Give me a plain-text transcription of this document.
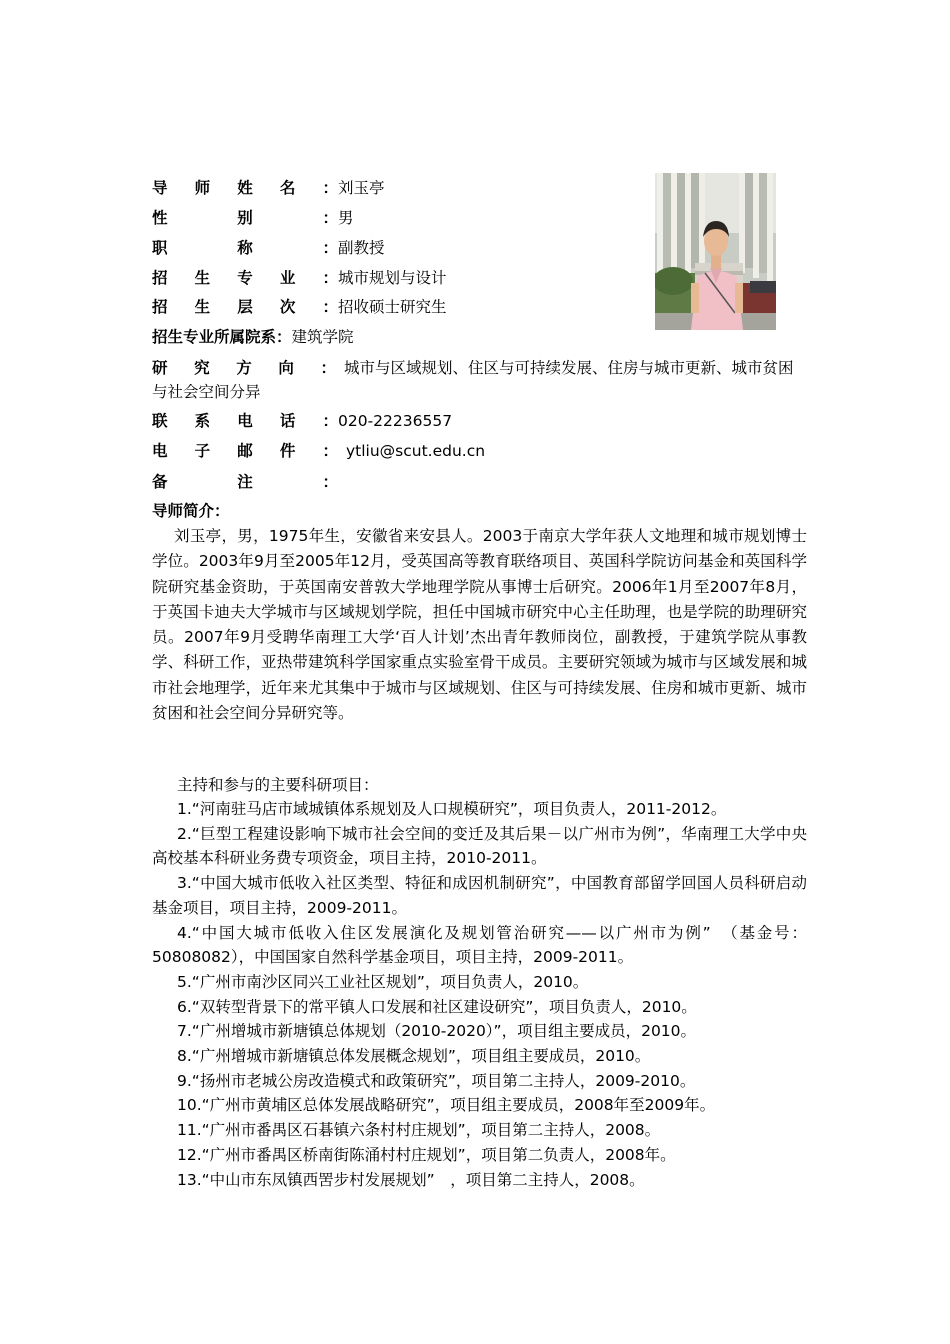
导师姓名：刘玉亭
性别：男
职称：副教授
招生专业：城市规划与设计
招生层次：招收硕士研究生
招生专业所属院系：建筑学院
研究方向： 城市与区域规划、住区与可持续发展、住房与城市更新、城市贫困与社会空间分异
联系电话：020-22236557
电子邮件： ytliu@scut.edu.cn
备注：
导师简介：
刘玉亭，男，1975年生，安徽省来安县人。2003于南京大学年获人文地理和城市规划博士学位。2003年9月至2005年12月，受英国高等教育联络项目、英国科学院访问基金和英国科学院研究基金资助，于英国南安普敦大学地理学院从事博士后研究。2006年1月至2007年8月，于英国卡迪夫大学城市与区域规划学院，担任中国城市研究中心主任助理，也是学院的助理研究员。2007年9月受聘华南理工大学‘百人计划’杰出青年教师岗位，副教授，于建筑学院从事教学、科研工作，亚热带建筑科学国家重点实验室骨干成员。主要研究领域为城市与区域发展和城市社会地理学，近年来尤其集中于城市与区域规划、住区与可持续发展、住房和城市更新、城市贫困和社会空间分异研究等。
主持和参与的主要科研项目：

1.“河南驻马店市域城镇体系规划及人口规模研究”，项目负责人，2011-2012。

2.“巨型工程建设影响下城市社会空间的变迁及其后果－以广州市为例”，华南理工大学中央高校基本科研业务费专项资金，项目主持，2010-2011。

3.“中国大城市低收入社区类型、特征和成因机制研究”，中国教育部留学回国人员科研启动基金项目，项目主持，2009-2011。

4.“中国大城市低收入住区发展演化及规划管治研究——以广州市为例”　（基金号：50808082），中国国家自然科学基金项目，项目主持，2009-2011。

5.“广州市南沙区同兴工业社区规划”，项目负责人，2010。

6.“双转型背景下的常平镇人口发展和社区建设研究”，项目负责人，2010。

7.“广州增城市新塘镇总体规划（2010-2020）”，项目组主要成员，2010。

8.“广州增城市新塘镇总体发展概念规划”，项目组主要成员，2010。

9.“扬州市老城公房改造模式和政策研究”，项目第二主持人，2009-2010。

10.“广州市黄埔区总体发展战略研究”，项目组主要成员，2008年至2009年。

11.“广州市番禺区石碁镇六条村村庄规划”，项目第二主持人，2008。

12.“广州市番禺区桥南街陈涌村村庄规划”，项目第二负责人，2008年。

13.“中山市东凤镇西罟步村发展规划”　，项目第二主持人，2008。
